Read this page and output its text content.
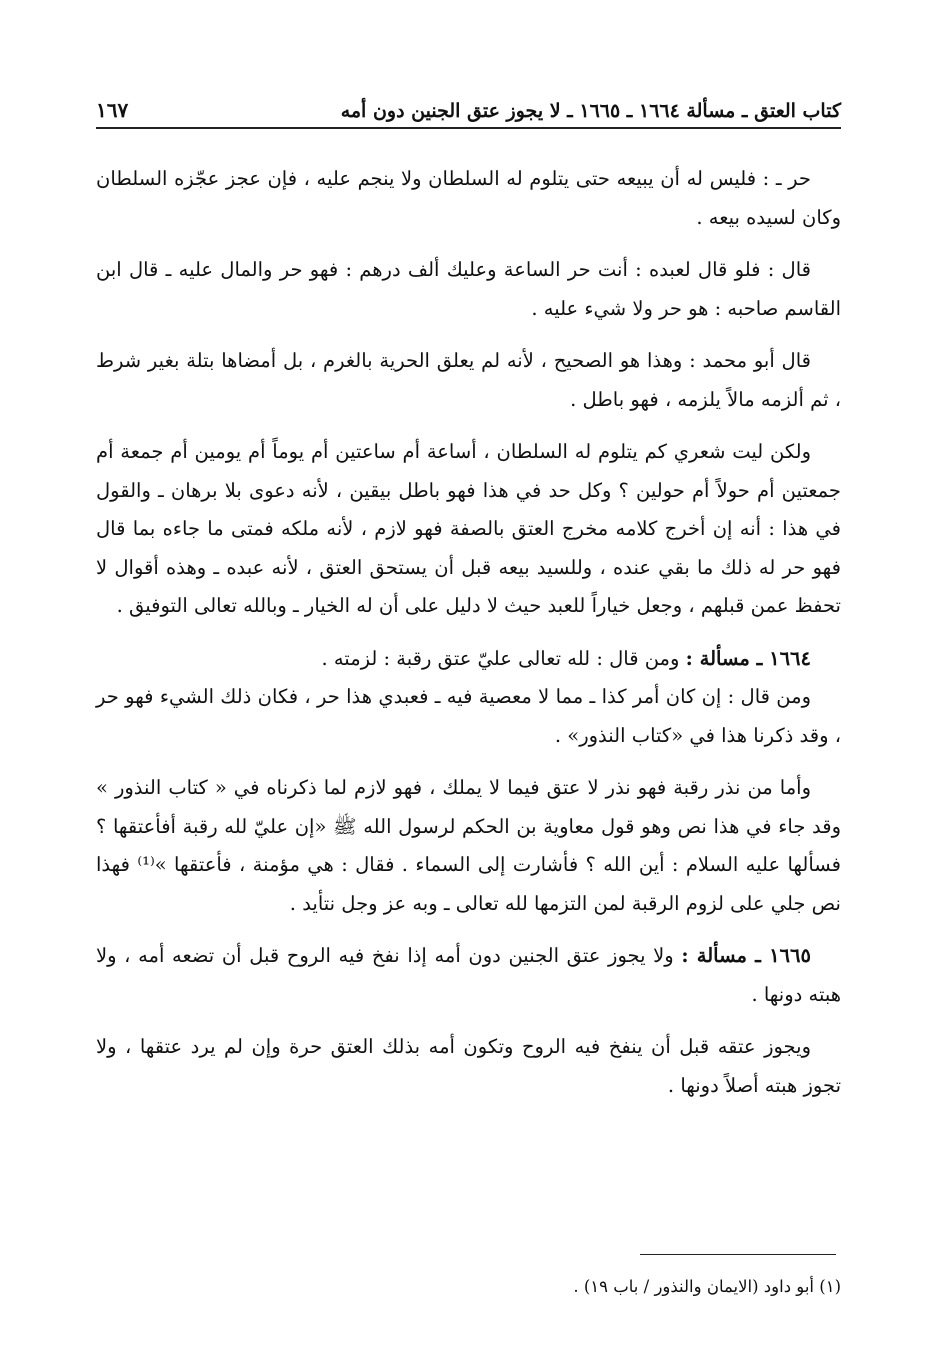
كتاب العتق ـ مسألة ١٦٦٤ ـ ١٦٦٥ ـ لا يجوز عتق الجنين دون أمه
١٦٧

حر ـ : فليس له أن يبيعه حتى يتلوم له السلطان ولا ينجم عليه ، فإن عجز عجّزه السلطان وكان لسيده بيعه .

قال : فلو قال لعبده : أنت حر الساعة وعليك ألف درهم : فهو حر والمال عليه ـ قال ابن القاسم صاحبه : هو حر ولا شيء عليه .

قال أبو محمد : وهذا هو الصحيح ، لأنه لم يعلق الحرية بالغرم ، بل أمضاها بتلة بغير شرط ، ثم ألزمه مالاً يلزمه ، فهو باطل .

ولكن ليت شعري كم يتلوم له السلطان ، أساعة أم ساعتين أم يوماً أم يومين أم جمعة أم جمعتين أم حولاً أم حولين ؟ وكل حد في هذا فهو باطل بيقين ، لأنه دعوى بلا برهان ـ والقول في هذا : أنه إن أخرج كلامه مخرج العتق بالصفة فهو لازم ، لأنه ملكه فمتى ما جاءه بما قال فهو حر له ذلك ما بقي عنده ، وللسيد بيعه قبل أن يستحق العتق ، لأنه عبده ـ وهذه أقوال لا تحفظ عمن قبلهم ، وجعل خياراً للعبد حيث لا دليل على أن له الخيار ـ وبالله تعالى التوفيق .

١٦٦٤ ـ مسألة : ومن قال : لله تعالى عليّ عتق رقبة : لزمته .

ومن قال : إن كان أمر كذا ـ مما لا معصية فيه ـ فعبدي هذا حر ، فكان ذلك الشيء فهو حر ، وقد ذكرنا هذا في «كتاب النذور» .

وأما من نذر رقبة فهو نذر لا عتق فيما لا يملك ، فهو لازم لما ذكرناه في « كتاب النذور » وقد جاء في هذا نص وهو قول معاوية بن الحكم لرسول الله ﷺ «إن عليّ لله رقبة أفأعتقها ؟ فسألها عليه السلام : أين الله ؟ فأشارت إلى السماء . فقال : هي مؤمنة ، فأعتقها »⁽¹⁾ فهذا نص جلي على لزوم الرقبة لمن التزمها لله تعالى ـ وبه عز وجل نتأيد .

١٦٦٥ ـ مسألة : ولا يجوز عتق الجنين دون أمه إذا نفخ فيه الروح قبل أن تضعه أمه ، ولا هبته دونها .

ويجوز عتقه قبل أن ينفخ فيه الروح وتكون أمه بذلك العتق حرة وإن لم يرد عتقها ، ولا تجوز هبته أصلاً دونها .

(١) أبو داود (الايمان والنذور / باب ١٩) .
